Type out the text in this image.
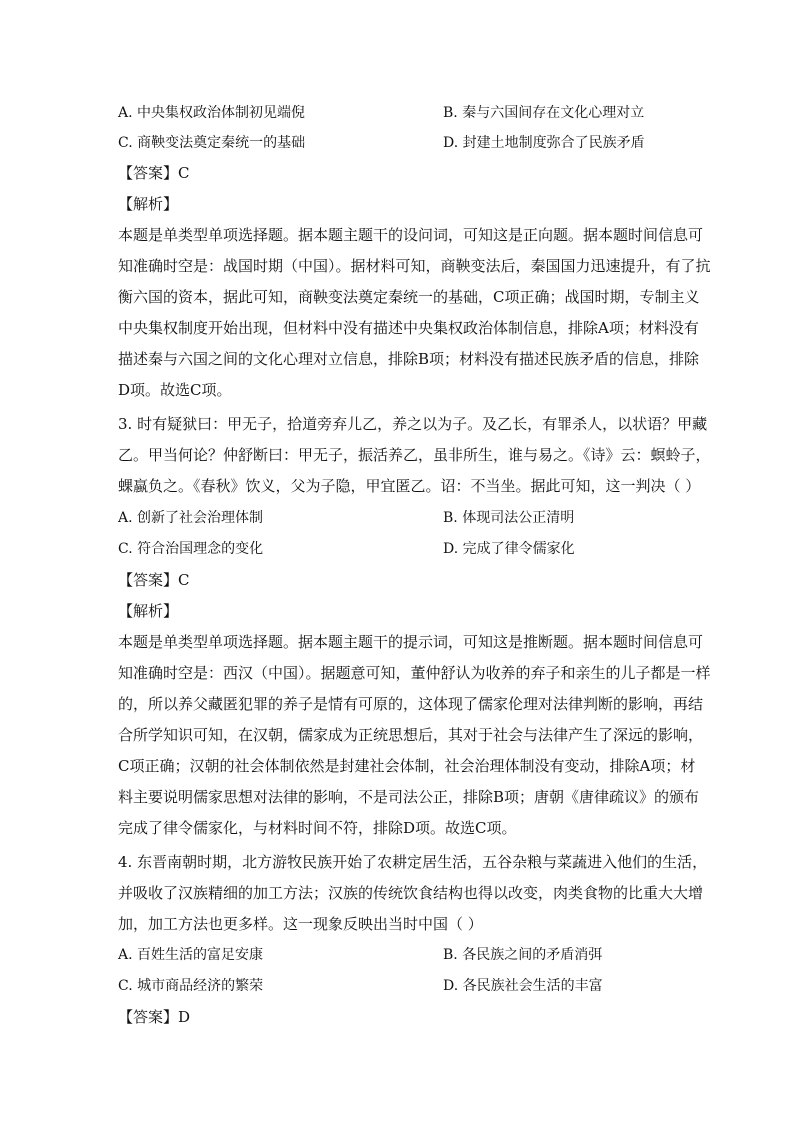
A. 中央集权政治体制初见端倪	B. 秦与六国间存在文化心理对立
C. 商鞅变法奠定秦统一的基础	D. 封建土地制度弥合了民族矛盾
【答案】C
【解析】
本题是单类型单项选择题。据本题主题干的设问词，可知这是正向题。据本题时间信息可
知准确时空是：战国时期（中国）。据材料可知，商鞅变法后，秦国国力迅速提升，有了抗
衡六国的资本，据此可知，商鞅变法奠定秦统一的基础，C项正确；战国时期，专制主义
中央集权制度开始出现，但材料中没有描述中央集权政治体制信息，排除A项；材料没有
描述秦与六国之间的文化心理对立信息，排除B项；材料没有描述民族矛盾的信息，排除
D项。故选C项。
3. 时有疑狱曰：甲无子，拾道旁弃儿乙，养之以为子。及乙长，有罪杀人，以状语？甲藏
乙。甲当何论？仲舒断曰：甲无子，振活养乙，虽非所生，谁与易之。《诗》云：螟蛉子，
蜾蠃负之。《春秋》饮义，父为子隐，甲宜匿乙。诏：不当坐。据此可知，这一判决（ ）
A. 创新了社会治理体制	B. 体现司法公正清明
C. 符合治国理念的变化	D. 完成了律令儒家化
【答案】C
【解析】
本题是单类型单项选择题。据本题主题干的提示词，可知这是推断题。据本题时间信息可
知准确时空是：西汉（中国）。据题意可知，董仲舒认为收养的弃子和亲生的儿子都是一样
的，所以养父藏匿犯罪的养子是情有可原的，这体现了儒家伦理对法律判断的影响，再结
合所学知识可知，在汉朝，儒家成为正统思想后，其对于社会与法律产生了深远的影响，
C项正确；汉朝的社会体制依然是封建社会体制，社会治理体制没有变动，排除A项；材
料主要说明儒家思想对法律的影响，不是司法公正，排除B项；唐朝《唐律疏议》的颁布
完成了律令儒家化，与材料时间不符，排除D项。故选C项。
4. 东晋南朝时期，北方游牧民族开始了农耕定居生活，五谷杂粮与菜蔬进入他们的生活，
并吸收了汉族精细的加工方法；汉族的传统饮食结构也得以改变，肉类食物的比重大大增
加，加工方法也更多样。这一现象反映出当时中国（ ）
A. 百姓生活的富足安康	B. 各民族之间的矛盾消弭
C. 城市商品经济的繁荣	D. 各民族社会生活的丰富
【答案】D
